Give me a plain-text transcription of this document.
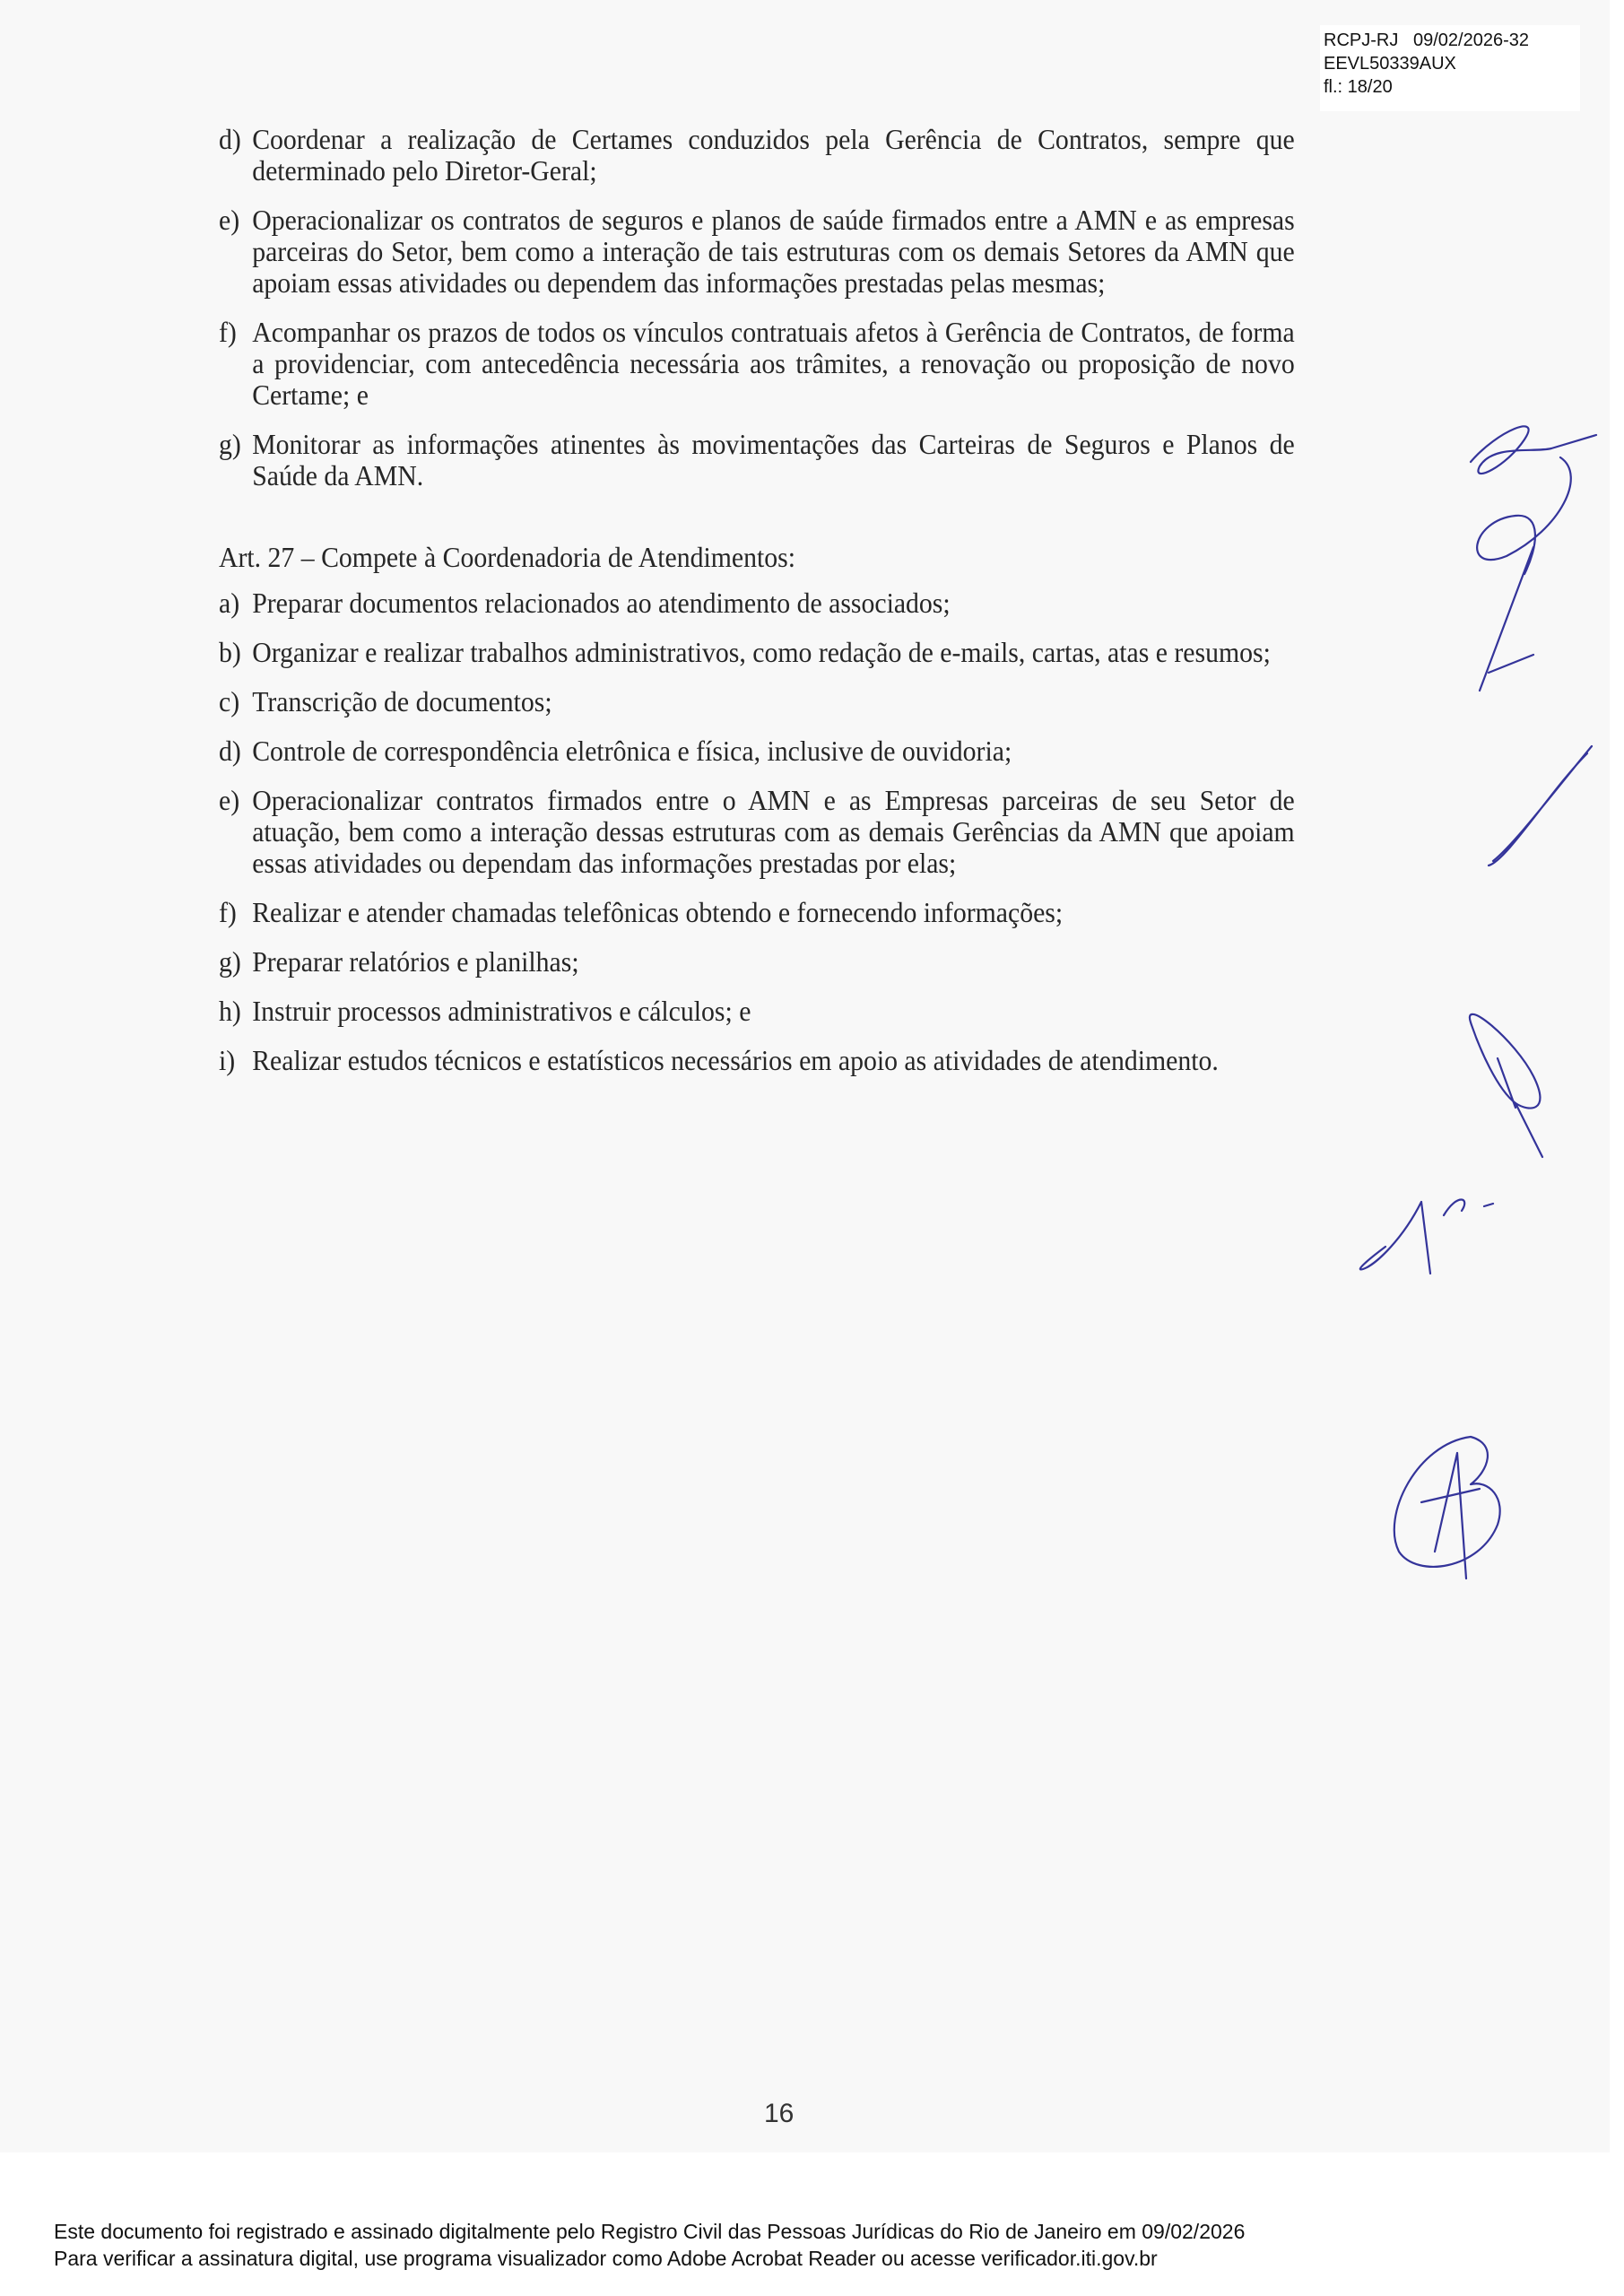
RCPJ-RJ   09/02/2026-32
EEVL50339AUX
fl.: 18/20
d) Coordenar a realização de Certames conduzidos pela Gerência de Contratos, sempre que determinado pelo Diretor-Geral;
e) Operacionalizar os contratos de seguros e planos de saúde firmados entre a AMN e as empresas parceiras do Setor, bem como a interação de tais estruturas com os demais Setores da AMN que apoiam essas atividades ou dependem das informações prestadas pelas mesmas;
f) Acompanhar os prazos de todos os vínculos contratuais afetos à Gerência de Contratos, de forma a providenciar, com antecedência necessária aos trâmites, a renovação ou proposição de novo Certame; e
g) Monitorar as informações atinentes às movimentações das Carteiras de Seguros e Planos de Saúde da AMN.
Art. 27 – Compete à Coordenadoria de Atendimentos:
a) Preparar documentos relacionados ao atendimento de associados;
b) Organizar e realizar trabalhos administrativos, como redação de e-mails, cartas, atas e resumos;
c) Transcrição de documentos;
d) Controle de correspondência eletrônica e física, inclusive de ouvidoria;
e) Operacionalizar contratos firmados entre o AMN e as Empresas parceiras de seu Setor de atuação, bem como a interação dessas estruturas com as demais Gerências da AMN que apoiam essas atividades ou dependam das informações prestadas por elas;
f) Realizar e atender chamadas telefônicas obtendo e fornecendo informações;
g) Preparar relatórios e planilhas;
h) Instruir processos administrativos e cálculos; e
i) Realizar estudos técnicos e estatísticos necessários em apoio as atividades de atendimento.
16
Este documento foi registrado e assinado digitalmente pelo Registro Civil das Pessoas Jurídicas do Rio de Janeiro em 09/02/2026
Para verificar a assinatura digital, use programa visualizador como Adobe Acrobat Reader ou acesse verificador.iti.gov.br
